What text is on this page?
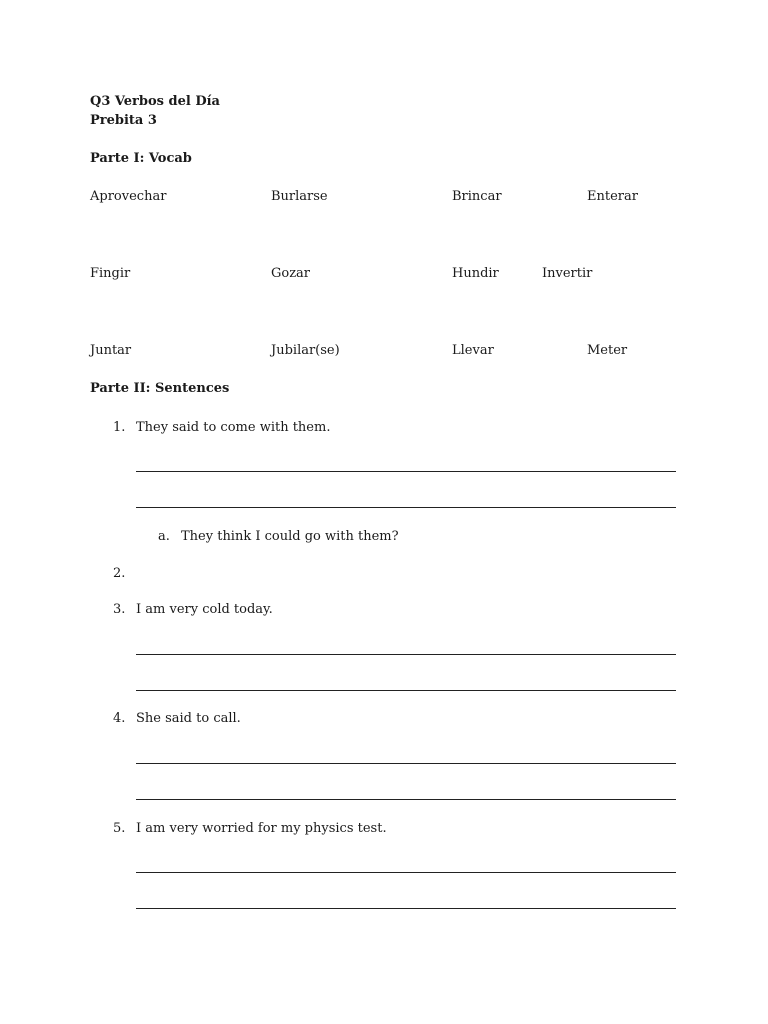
Q3 Verbos del Día
Prebita 3
Parte I: Vocab
Aprovechar	Burlarse	Brincar	Enterar
Fingir	Gozar	Hundir	Invertir
Juntar	Jubilar(se)	Llevar	Meter
Parte II: Sentences
1. They said to come with them.
a. They think I could go with them?
2.
3. I am very cold today.
4. She said to call.
5. I am very worried for my physics test.
